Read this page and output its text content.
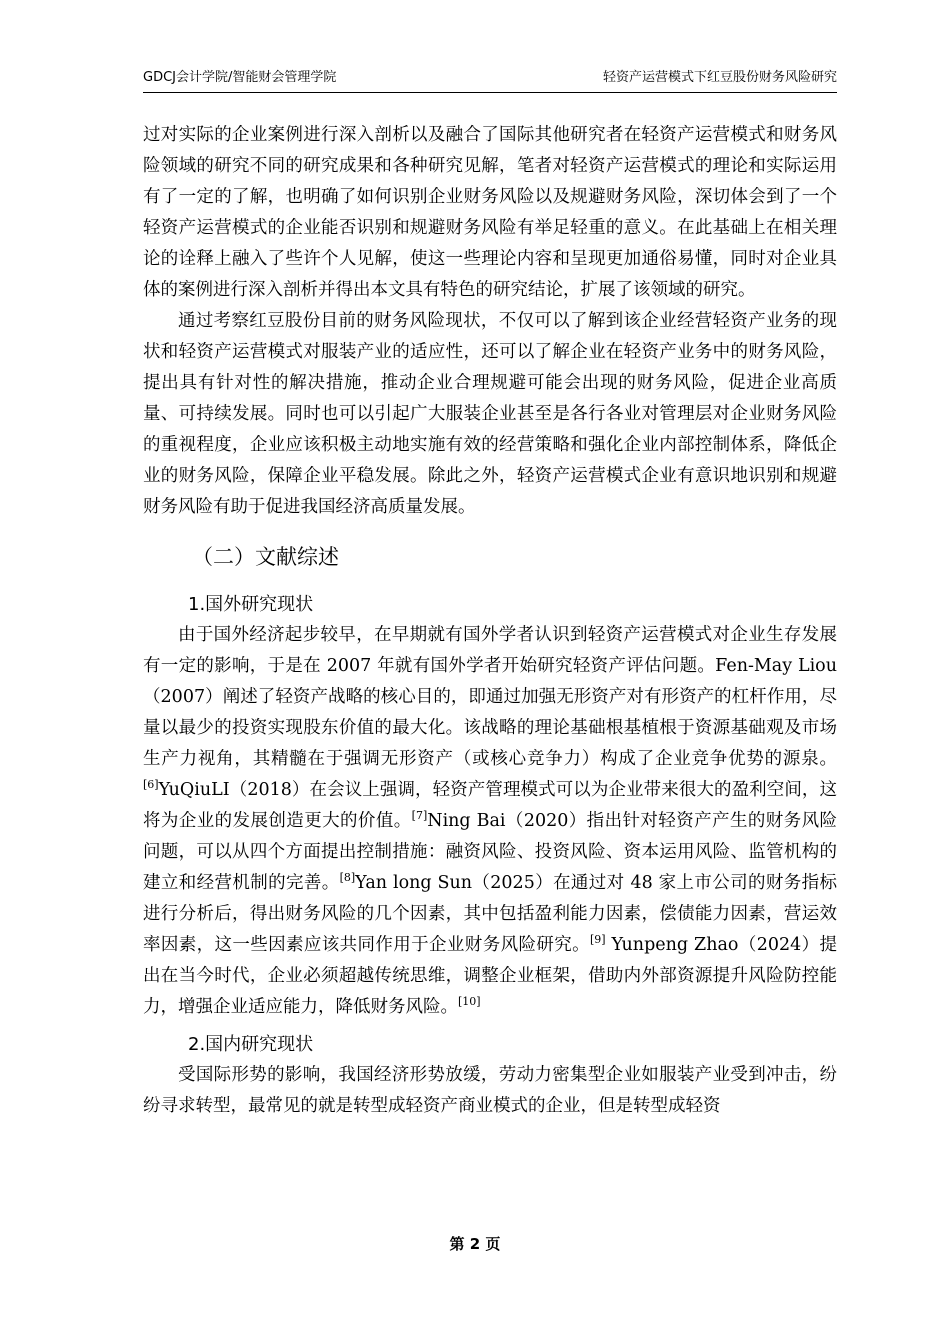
GDCJ会计学院/智能财会管理学院	轻资产运营模式下红豆股份财务风险研究

过对实际的企业案例进行深入剖析以及融合了国际其他研究者在轻资产运营模式和财务风险领域的研究不同的研究成果和各种研究见解，笔者对轻资产运营模式的理论和实际运用有了一定的了解，也明确了如何识别企业财务风险以及规避财务风险，深切体会到了一个轻资产运营模式的企业能否识别和规避财务风险有举足轻重的意义。在此基础上在相关理论的诠释上融入了些许个人见解，使这一些理论内容和呈现更加通俗易懂，同时对企业具体的案例进行深入剖析并得出本文具有特色的研究结论，扩展了该领域的研究。

通过考察红豆股份目前的财务风险现状，不仅可以了解到该企业经营轻资产业务的现状和轻资产运营模式对服装产业的适应性，还可以了解企业在轻资产业务中的财务风险，提出具有针对性的解决措施，推动企业合理规避可能会出现的财务风险，促进企业高质量、可持续发展。同时也可以引起广大服装企业甚至是各行各业对管理层对企业财务风险的重视程度，企业应该积极主动地实施有效的经营策略和强化企业内部控制体系，降低企业的财务风险，保障企业平稳发展。除此之外，轻资产运营模式企业有意识地识别和规避财务风险有助于促进我国经济高质量发展。

（二）文献综述
1.国外研究现状

由于国外经济起步较早，在早期就有国外学者认识到轻资产运营模式对企业生存发展有一定的影响，于是在 2007 年就有国外学者开始研究轻资产评估问题。Fen-May Liou（2007）阐述了轻资产战略的核心目的，即通过加强无形资产对有形资产的杠杆作用，尽量以最少的投资实现股东价值的最大化。该战略的理论基础根基植根于资源基础观及市场生产力视角，其精髓在于强调无形资产（或核心竞争力）构成了企业竞争优势的源泉。[6]YuQiuLI（2018）在会议上强调，轻资产管理模式可以为企业带来很大的盈利空间，这将为企业的发展创造更大的价值。[7]Ning Bai（2020）指出针对轻资产产生的财务风险问题，可以从四个方面提出控制措施：融资风险、投资风险、资本运用风险、监管机构的建立和经营机制的完善。[8]Yan long Sun（2025）在通过对 48 家上市公司的财务指标进行分析后，得出财务风险的几个因素，其中包括盈利能力因素，偿债能力因素，营运效率因素，这一些因素应该共同作用于企业财务风险研究。[9] Yunpeng Zhao（2024）提出在当今时代，企业必须超越传统思维，调整企业框架，借助内外部资源提升风险防控能力，增强企业适应能力，降低财务风险。[10]

2.国内研究现状

受国际形势的影响，我国经济形势放缓，劳动力密集型企业如服装产业受到冲击，纷纷寻求转型，最常见的就是转型成轻资产商业模式的企业，但是转型成轻资

第 2 页
